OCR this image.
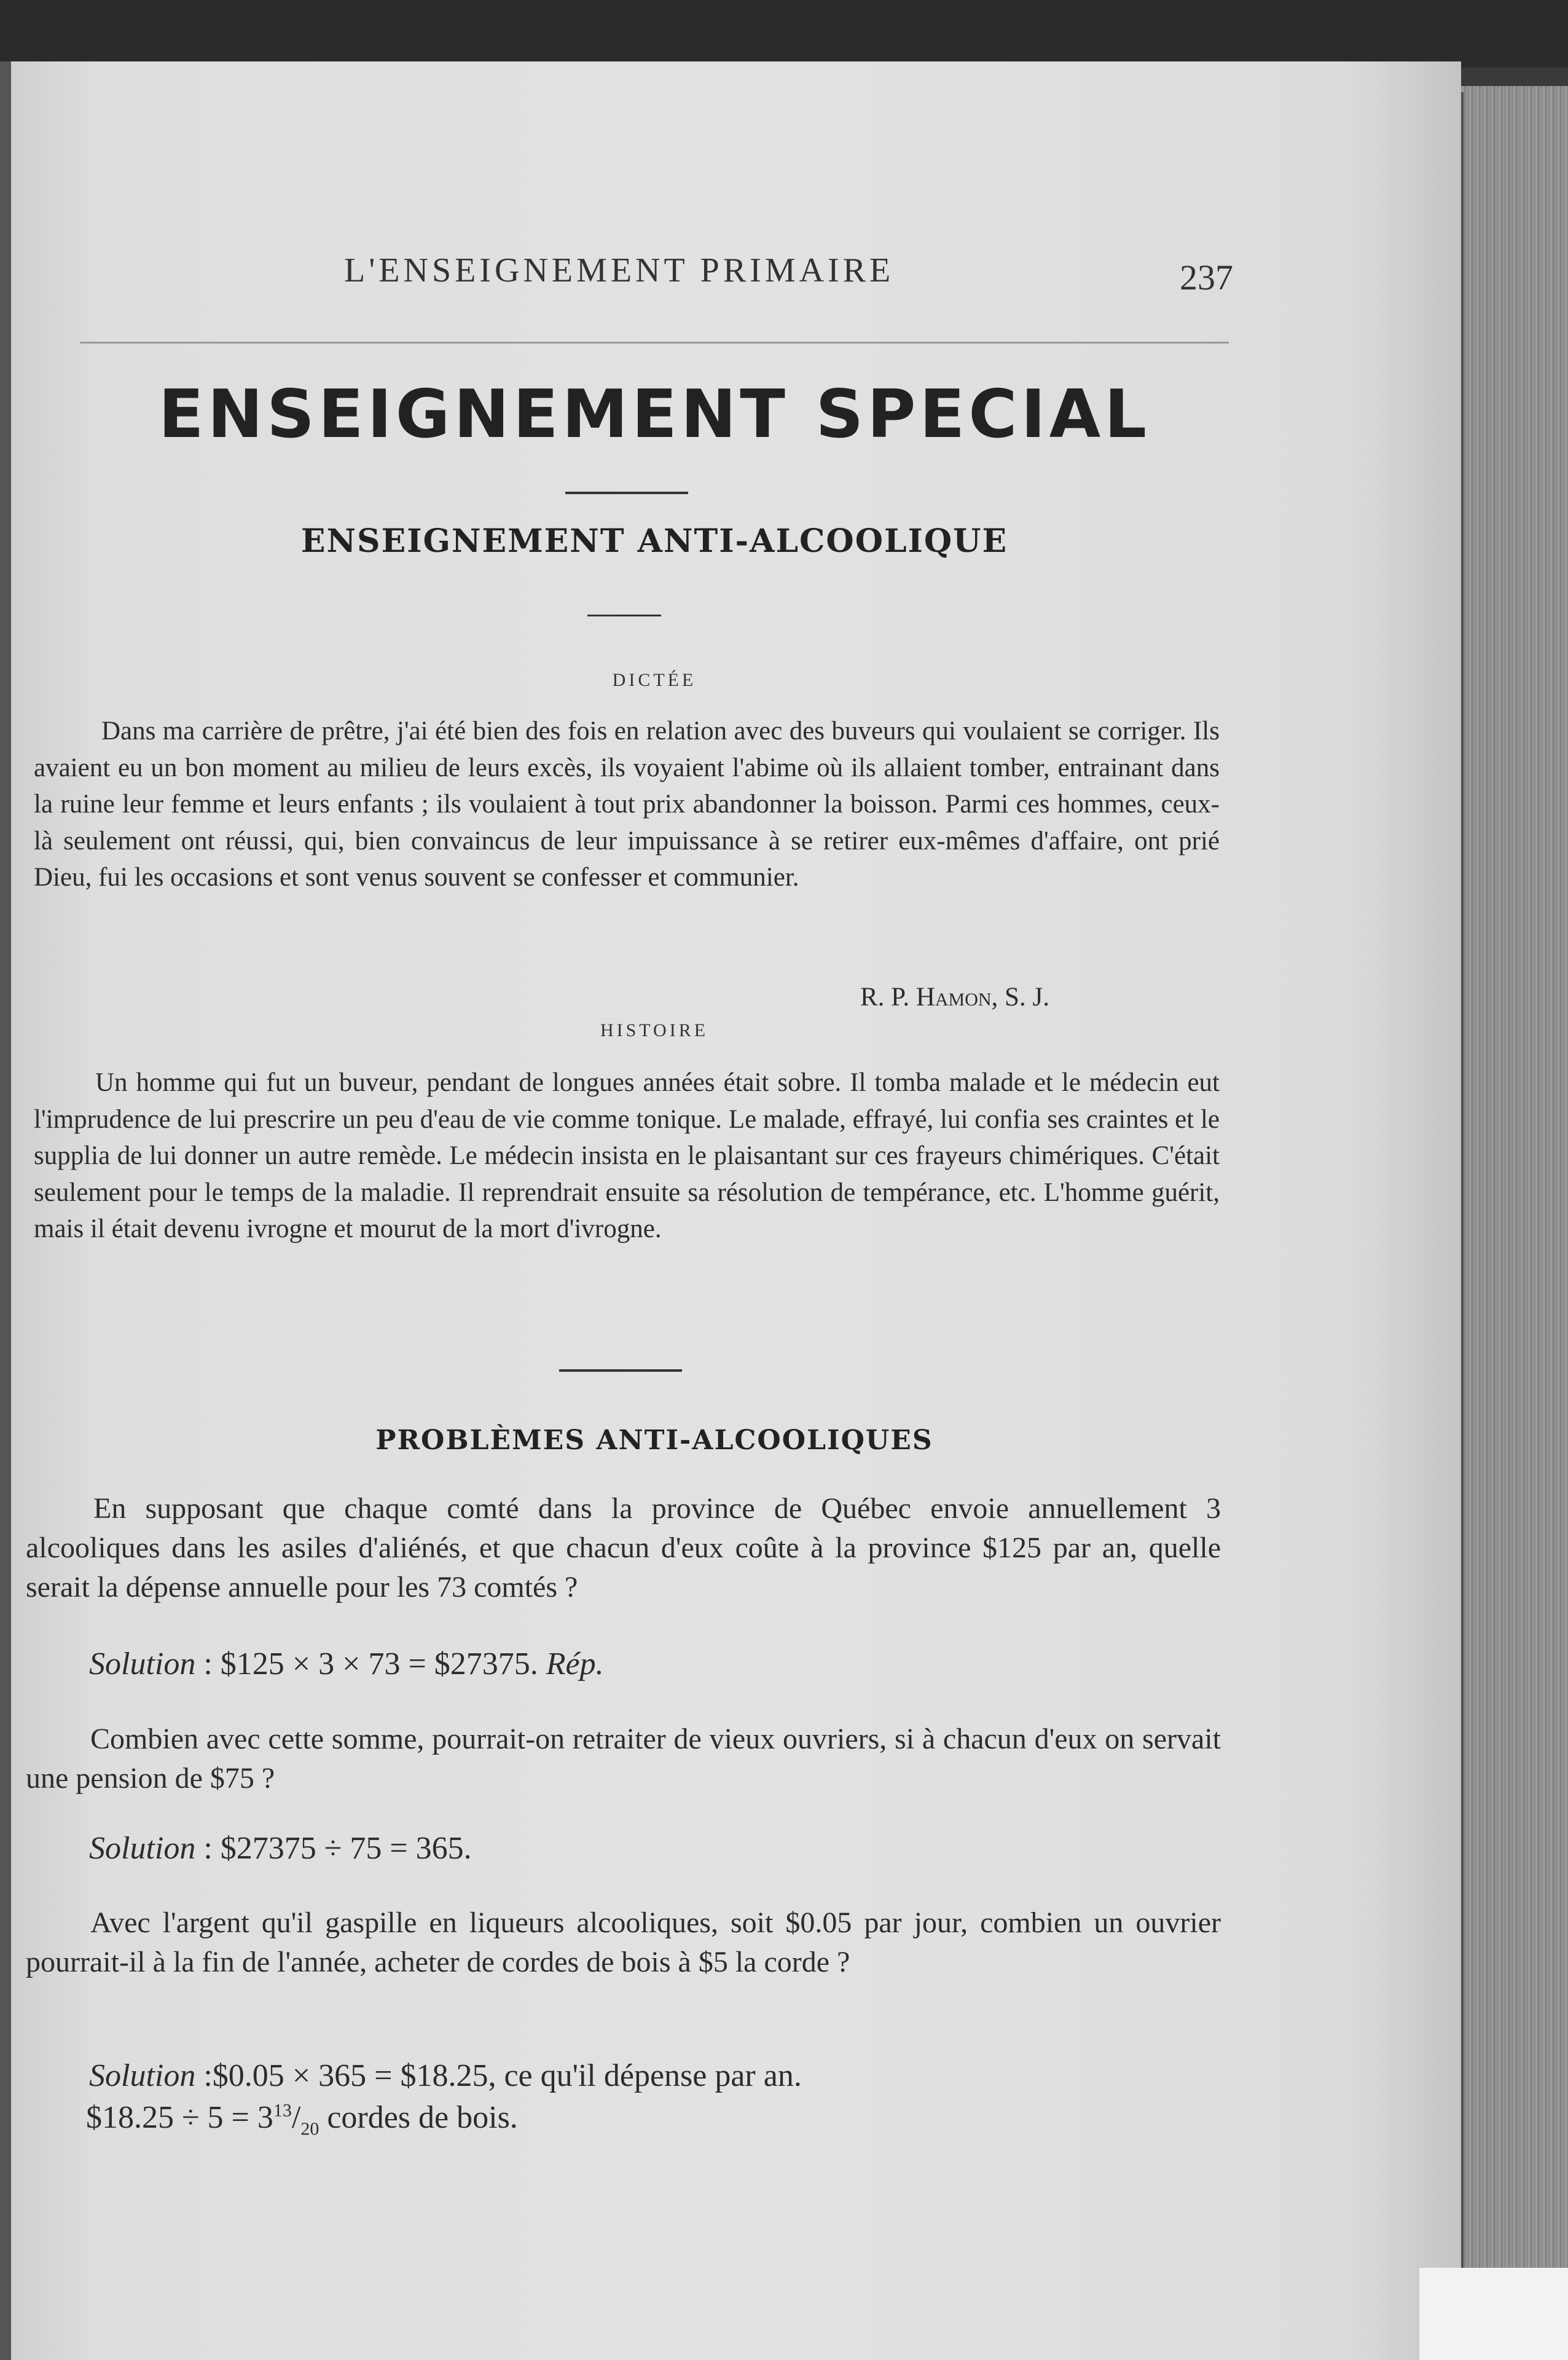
L'ENSEIGNEMENT PRIMAIRE	237
ENSEIGNEMENT SPECIAL
ENSEIGNEMENT ANTI-ALCOOLIQUE
DICTÉE

Dans ma carrière de prêtre, j'ai été bien des fois en relation avec des buveurs qui voulaient se corriger. Ils avaient eu un bon moment au milieu de leurs excès, ils voyaient l'abime où ils allaient tomber, entrainant dans la ruine leur femme et leurs enfants ; ils voulaient à tout prix abandonner la boisson. Parmi ces hommes, ceux-là seulement ont réussi, qui, bien convaincus de leur impuissance à se retirer eux-mêmes d'affaire, ont prié Dieu, fui les occasions et sont venus souvent se confesser et communier.

R. P. Hamon, S. J.
HISTOIRE

Un homme qui fut un buveur, pendant de longues années était sobre. Il tomba malade et le médecin eut l'imprudence de lui prescrire un peu d'eau de vie comme tonique. Le malade, effrayé, lui confia ses craintes et le supplia de lui donner un autre remède. Le médecin insista en le plaisantant sur ces frayeurs chimériques. C'était seulement pour le temps de la maladie. Il reprendrait ensuite sa résolution de tempérance, etc. L'homme guérit, mais il était devenu ivrogne et mourut de la mort d'ivrogne.

PROBLÈMES ANTI-ALCOOLIQUES

En supposant que chaque comté dans la province de Québec envoie annuellement 3 alcooliques dans les asiles d'aliénés, et que chacun d'eux coûte à la province $125 par an, quelle serait la dépense annuelle pour les 73 comtés ?

Solution : $125 × 3 × 73 = $27375. Rép.

Combien avec cette somme, pourrait-on retraiter de vieux ouvriers, si à chacun d'eux on servait une pension de $75 ?

Solution : $27375 ÷ 75 = 365.

Avec l'argent qu'il gaspille en liqueurs alcooliques, soit $0.05 par jour, combien un ouvrier pourrait-il à la fin de l'année, acheter de cordes de bois à $5 la corde ?

Solution :$0.05 × 365 = $18.25, ce qu'il dépense par an.
$18.25 ÷ $5 = 3^{13}/_{20}$ cordes de bois.
